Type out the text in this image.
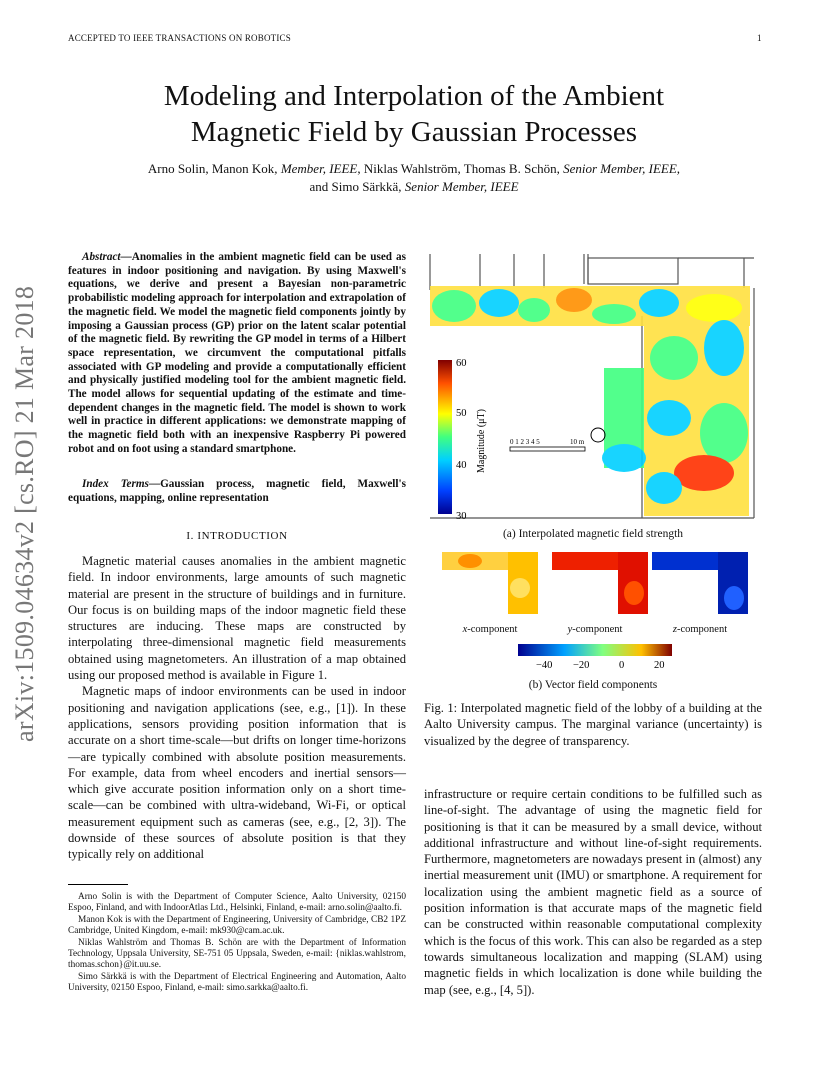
ACCEPTED TO IEEE TRANSACTIONS ON ROBOTICS	1
Modeling and Interpolation of the Ambient
Magnetic Field by Gaussian Processes
Arno Solin, Manon Kok, Member, IEEE, Niklas Wahlström, Thomas B. Schön, Senior Member, IEEE,
and Simo Särkkä, Senior Member, IEEE
arXiv:1509.04634v2 [cs.RO] 21 Mar 2018
Abstract—Anomalies in the ambient magnetic field can be used as features in indoor positioning and navigation. By using Maxwell's equations, we derive and present a Bayesian non-parametric probabilistic modeling approach for interpolation and extrapolation of the magnetic field. We model the magnetic field components jointly by imposing a Gaussian process (GP) prior on the latent scalar potential of the magnetic field. By rewriting the GP model in terms of a Hilbert space representation, we circumvent the computational pitfalls associated with GP modeling and provide a computationally efficient and physically justified modeling tool for the ambient magnetic field. The model allows for sequential updating of the estimate and time-dependent changes in the magnetic field. The model is shown to work well in practice in different applications: we demonstrate mapping of the magnetic field both with an inexpensive Raspberry Pi powered robot and on foot using a standard smartphone.
Index Terms—Gaussian process, magnetic field, Maxwell's equations, mapping, online representation
I. INTRODUCTION

Magnetic material causes anomalies in the ambient magnetic field. In indoor environments, large amounts of such magnetic material are present in the structure of buildings and in furniture. Our focus is on building maps of the indoor magnetic field these structures are inducing. These maps are constructed by interpolating three-dimensional magnetic field measurements obtained using magnetometers. An illustration of a map obtained using our proposed method is available in Figure 1.

Magnetic maps of indoor environments can be used in indoor positioning and navigation applications (see, e.g., [1]). In these applications, sensors providing position information that is accurate on a short time-scale—but drifts on longer time-horizons—are typically combined with absolute position measurements. For example, data from wheel encoders and inertial sensors—which give accurate position information only on a short time-scale—can be combined with ultra-wideband, Wi-Fi, or optical measurement equipment such as cameras (see, e.g., [2, 3]). The downside of these sources of absolute position is that they typically rely on additional

Arno Solin is with the Department of Computer Science, Aalto University, 02150 Espoo, Finland, and with IndoorAtlas Ltd., Helsinki, Finland, e-mail: arno.solin@aalto.fi.

Manon Kok is with the Department of Engineering, University of Cambridge, CB2 1PZ Cambridge, United Kingdom, e-mail: mk930@cam.ac.uk.

Niklas Wahlström and Thomas B. Schön are with the Department of Information Technology, Uppsala University, SE-751 05 Uppsala, Sweden, e-mail: {niklas.wahlstrom, thomas.schon}@it.uu.se.

Simo Särkkä is with the Department of Electrical Engineering and Automation, Aalto University, 02150 Espoo, Finland, e-mail: simo.sarkka@aalto.fi.

60
50
40
30
Magnitude (μT)	0 1 2 3 4 5	10 m
(a) Interpolated magnetic field strength
x-component	y-component	z-component
−40 −20	0	20
(b) Vector field components
Fig. 1: Interpolated magnetic field of the lobby of a building at the Aalto University campus. The marginal variance (uncertainty) is visualized by the degree of transparency.
infrastructure or require certain conditions to be fulfilled such as line-of-sight. The advantage of using the magnetic field for positioning is that it can be measured by a small device, without additional infrastructure and without line-of-sight requirements. Furthermore, magnetometers are nowadays present in (almost) any inertial measurement unit (IMU) or smartphone. A requirement for localization using the ambient magnetic field as a source of position information is that accurate maps of the magnetic field can be constructed within reasonable computational complexity which is the focus of this work. This can also be regarded as a step towards simultaneous localization and mapping (SLAM) using magnetic fields in which localization is done while building the map (see, e.g., [4, 5]).
